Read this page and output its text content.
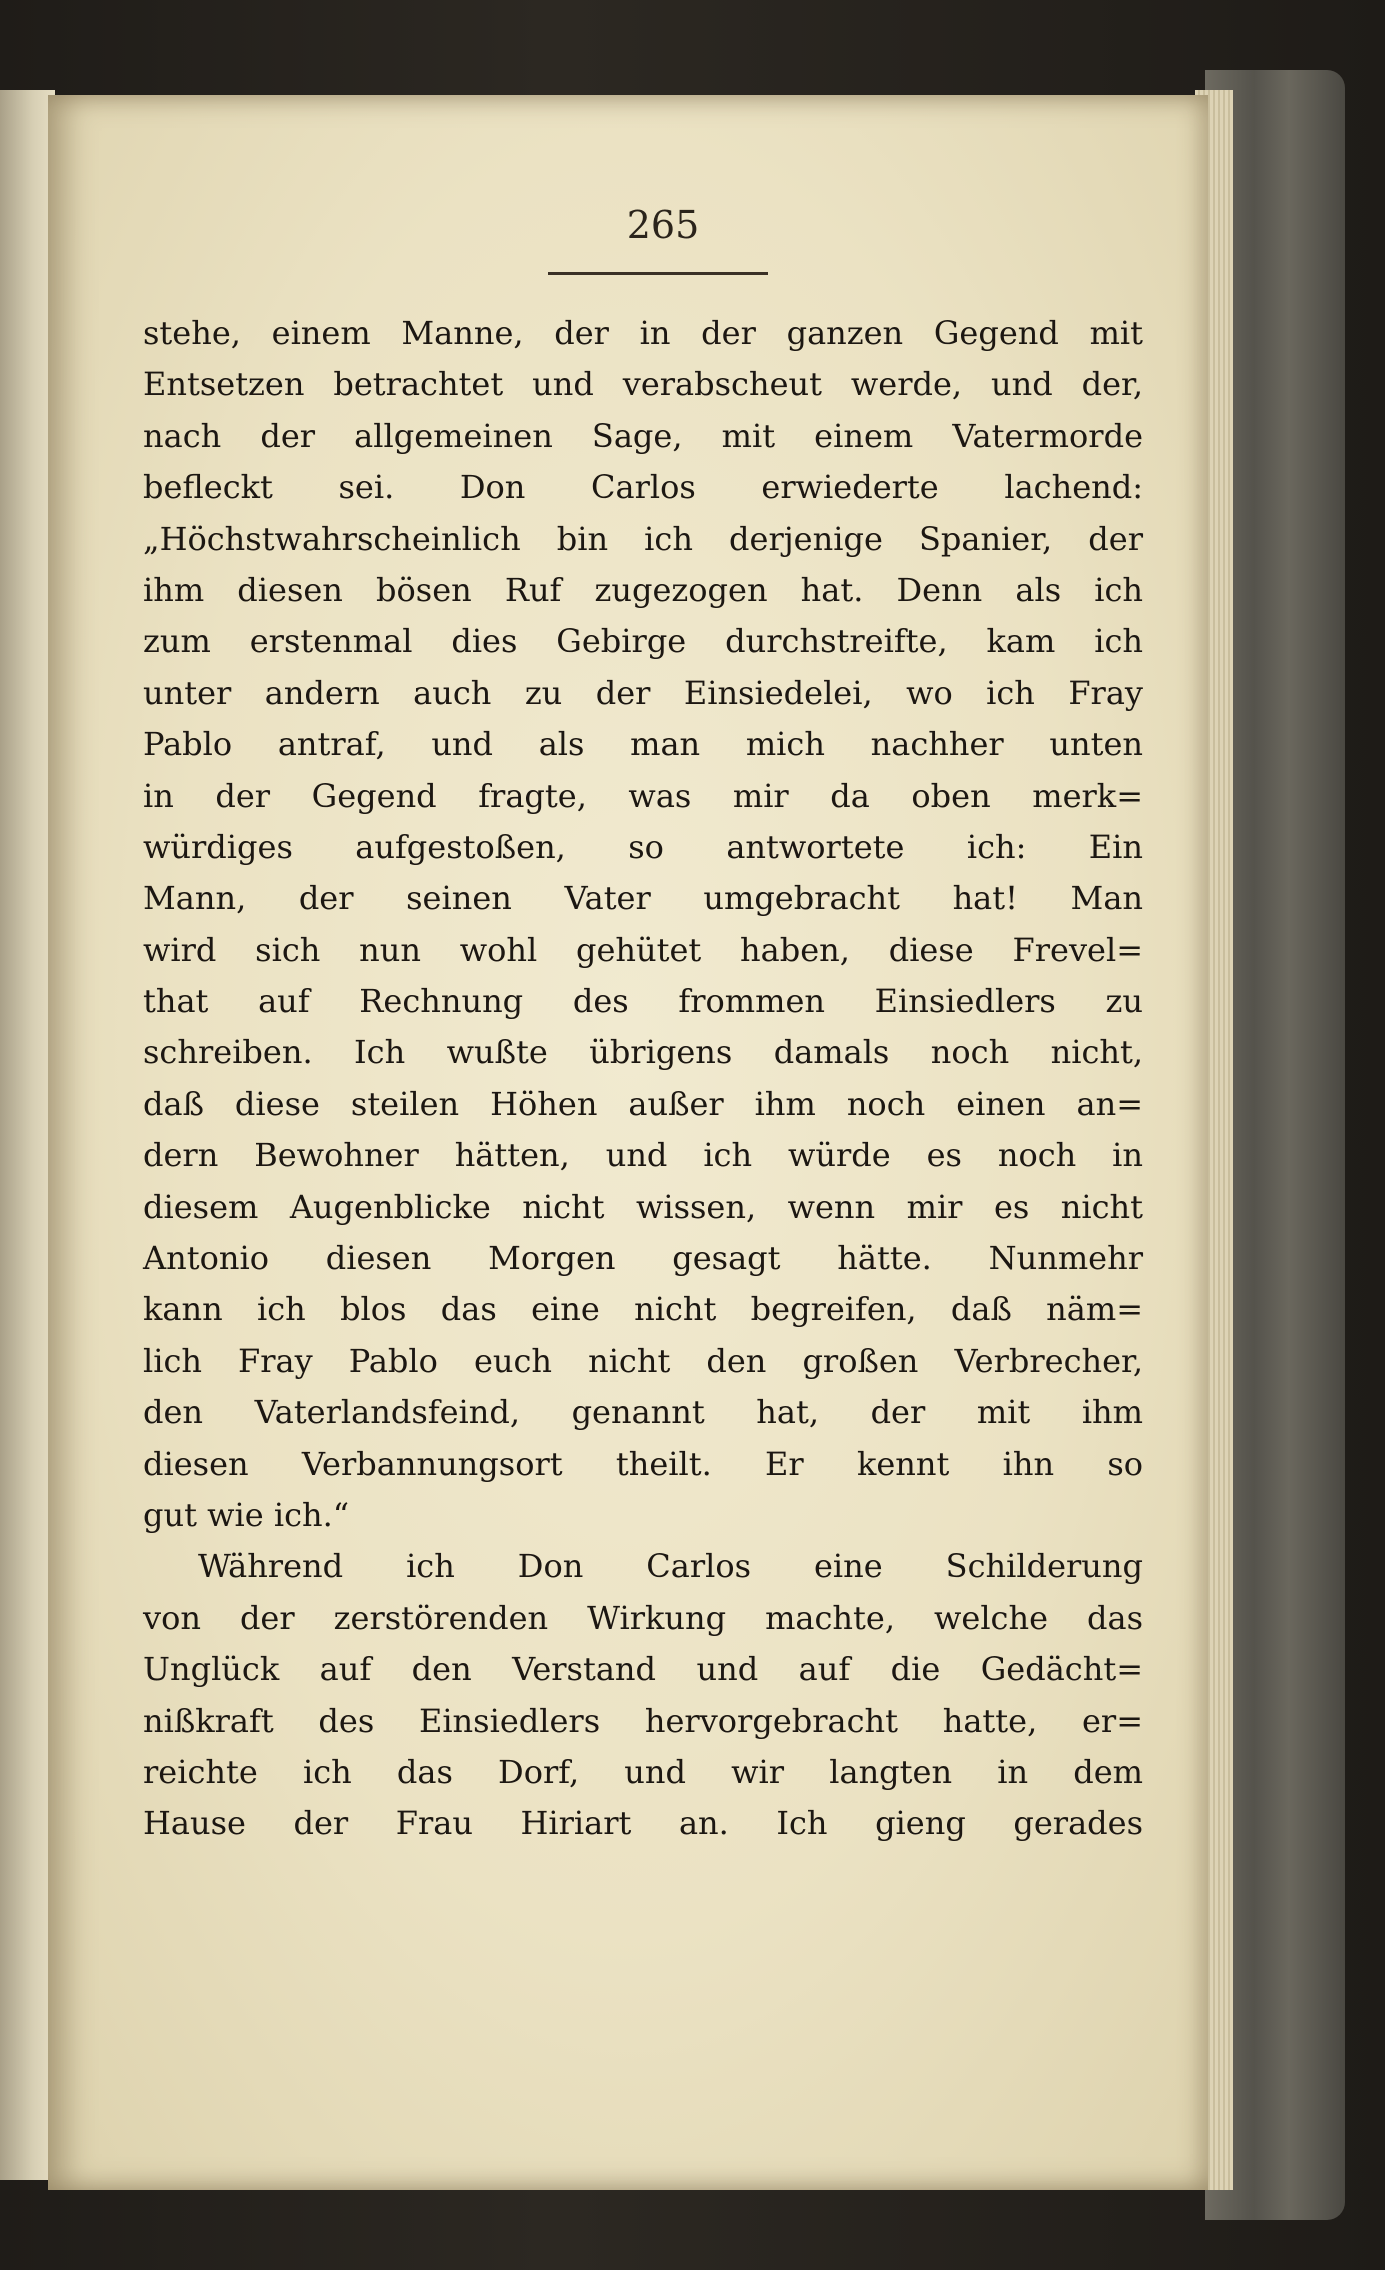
265

stehe, einem Manne, der in der ganzen Gegend mit

Entsetzen betrachtet und verabscheut werde, und der,

nach der allgemeinen Sage, mit einem Vatermorde

befleckt sei. Don Carlos erwiederte lachend:

„Höchstwahrscheinlich bin ich derjenige Spanier, der

ihm diesen bösen Ruf zugezogen hat. Denn als ich

zum erstenmal dies Gebirge durchstreifte, kam ich

unter andern auch zu der Einsiedelei, wo ich Fray

Pablo antraf, und als man mich nachher unten

in der Gegend fragte, was mir da oben merk=

würdiges aufgestoßen, so antwortete ich: Ein

Mann, der seinen Vater umgebracht hat! Man

wird sich nun wohl gehütet haben, diese Frevel=

that auf Rechnung des frommen Einsiedlers zu

schreiben. Ich wußte übrigens damals noch nicht,

daß diese steilen Höhen außer ihm noch einen an=

dern Bewohner hätten, und ich würde es noch in

diesem Augenblicke nicht wissen, wenn mir es nicht

Antonio diesen Morgen gesagt hätte. Nunmehr

kann ich blos das eine nicht begreifen, daß näm=

lich Fray Pablo euch nicht den großen Verbrecher,

den Vaterlandsfeind, genannt hat, der mit ihm

diesen Verbannungsort theilt. Er kennt ihn so

gut wie ich.“

Während ich Don Carlos eine Schilderung

von der zerstörenden Wirkung machte, welche das

Unglück auf den Verstand und auf die Gedächt=

nißkraft des Einsiedlers hervorgebracht hatte, er=

reichte ich das Dorf, und wir langten in dem

Hause der Frau Hiriart an. Ich gieng gerades
